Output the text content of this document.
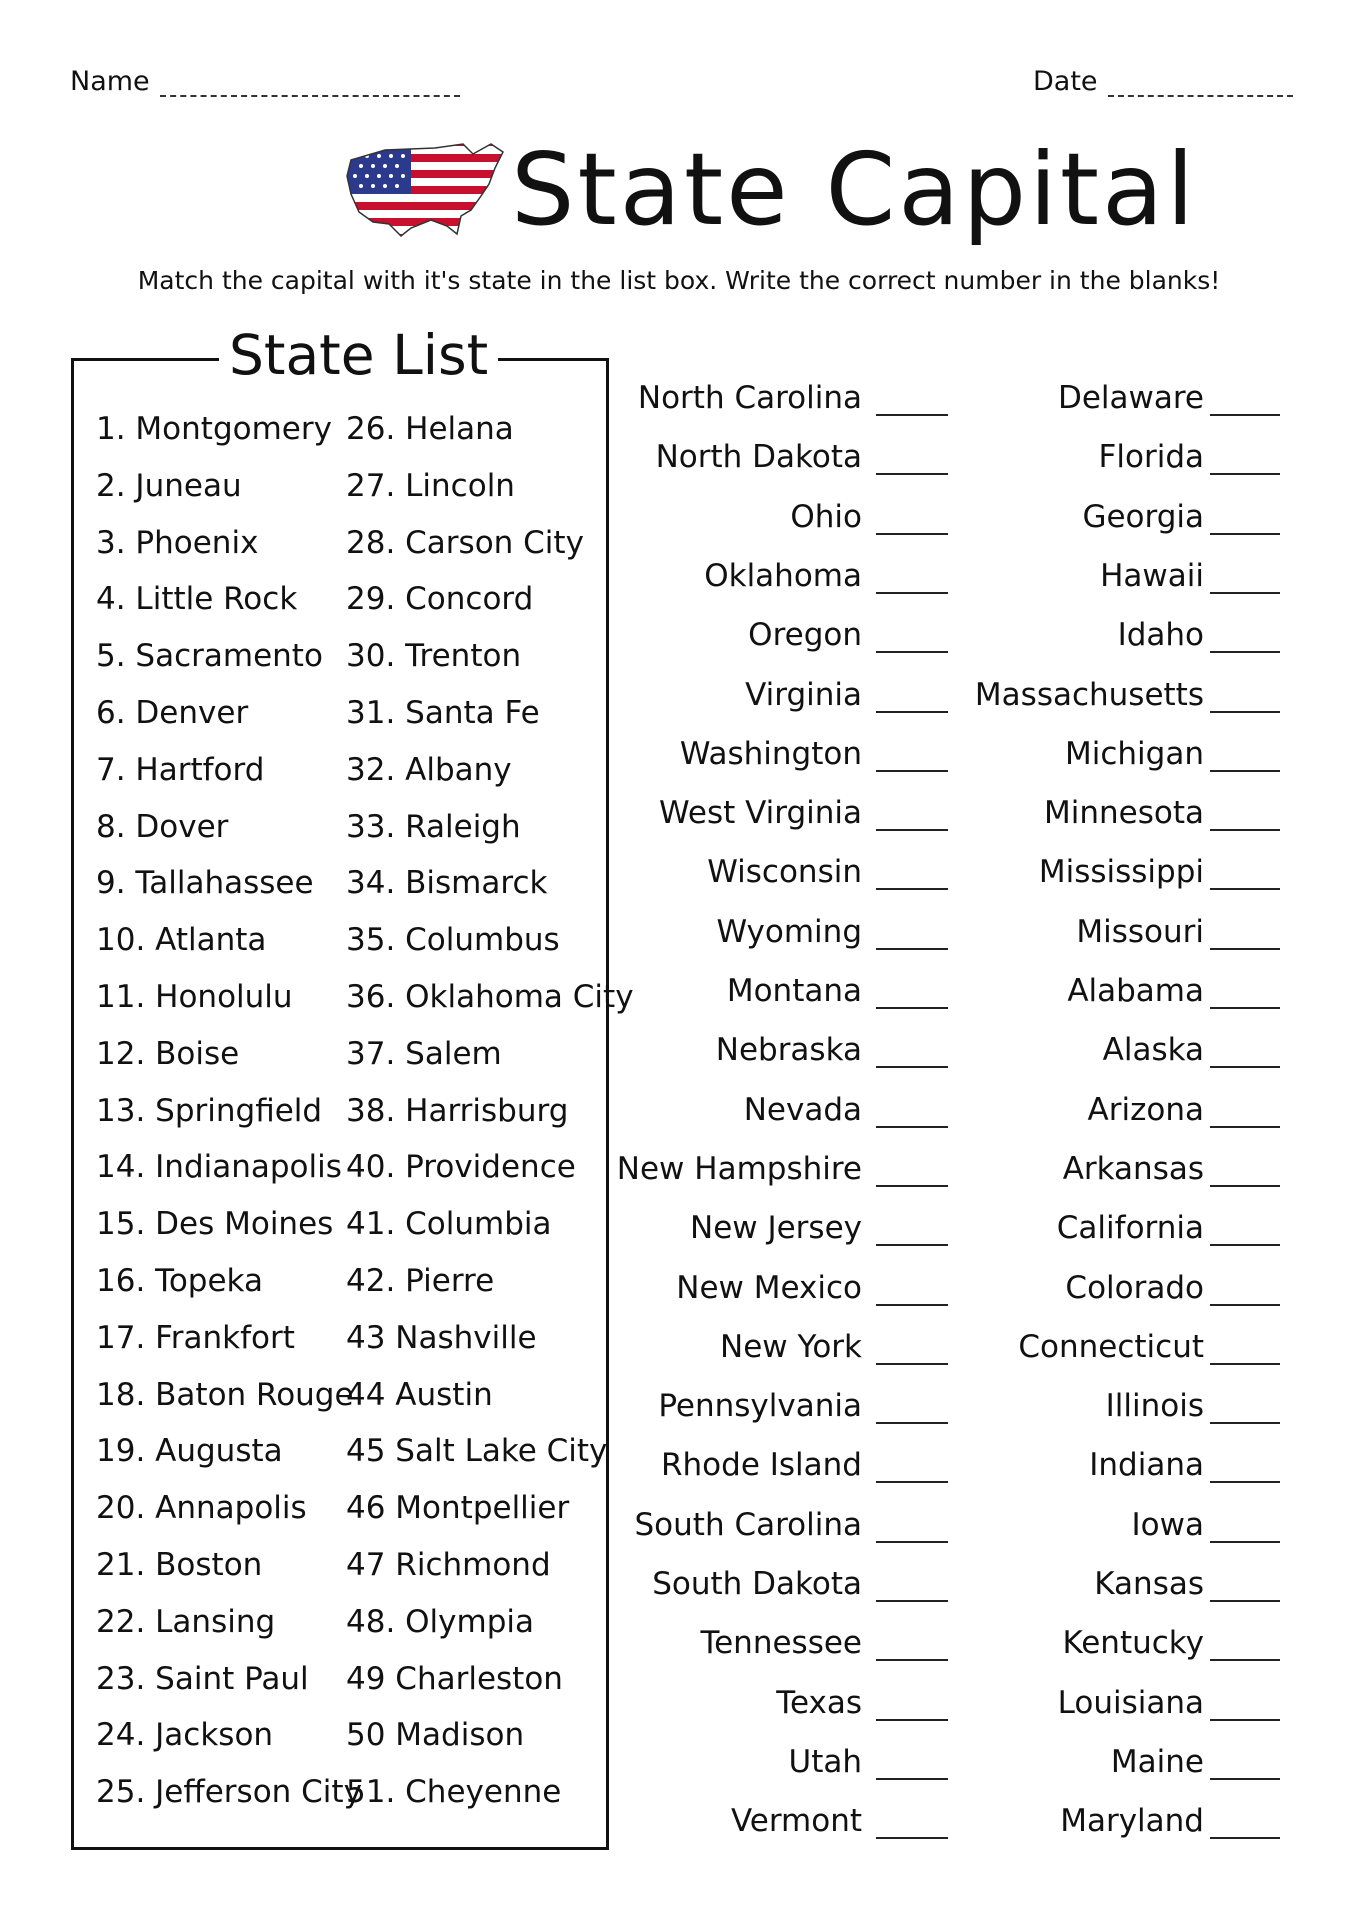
Name	Date
State Capital
Match the capital with it's state in the list box. Write the correct number in the blanks!
State List
1. Montgomery
2. Juneau
3. Phoenix
4. Little Rock
5. Sacramento
6. Denver
7. Hartford
8. Dover
9. Tallahassee
10. Atlanta
11. Honolulu
12. Boise
13. Springfield
14. Indianapolis
15. Des Moines
16. Topeka
17. Frankfort
18. Baton Rouge
19. Augusta
20. Annapolis
21. Boston
22. Lansing
23. Saint Paul
24. Jackson
25. Jefferson City
26. Helana
27. Lincoln
28. Carson City
29. Concord
30. Trenton
31. Santa Fe
32. Albany
33. Raleigh
34. Bismarck
35. Columbus
36. Oklahoma City
37. Salem
38. Harrisburg
40. Providence
41. Columbia
42. Pierre
43 Nashville
44 Austin
45 Salt Lake City
46 Montpellier
47 Richmond
48. Olympia
49 Charleston
50 Madison
51. Cheyenne
North Carolina
North Dakota
Ohio
Oklahoma
Oregon
Virginia
Washington
West Virginia
Wisconsin
Wyoming
Montana
Nebraska
Nevada
New Hampshire
New Jersey
New Mexico
New York
Pennsylvania
Rhode Island
South Carolina
South Dakota
Tennessee
Texas
Utah
Vermont
Delaware
Florida
Georgia
Hawaii
Idaho
Massachusetts
Michigan
Minnesota
Mississippi
Missouri
Alabama
Alaska
Arizona
Arkansas
California
Colorado
Connecticut
Illinois
Indiana
Iowa
Kansas
Kentucky
Louisiana
Maine
Maryland
